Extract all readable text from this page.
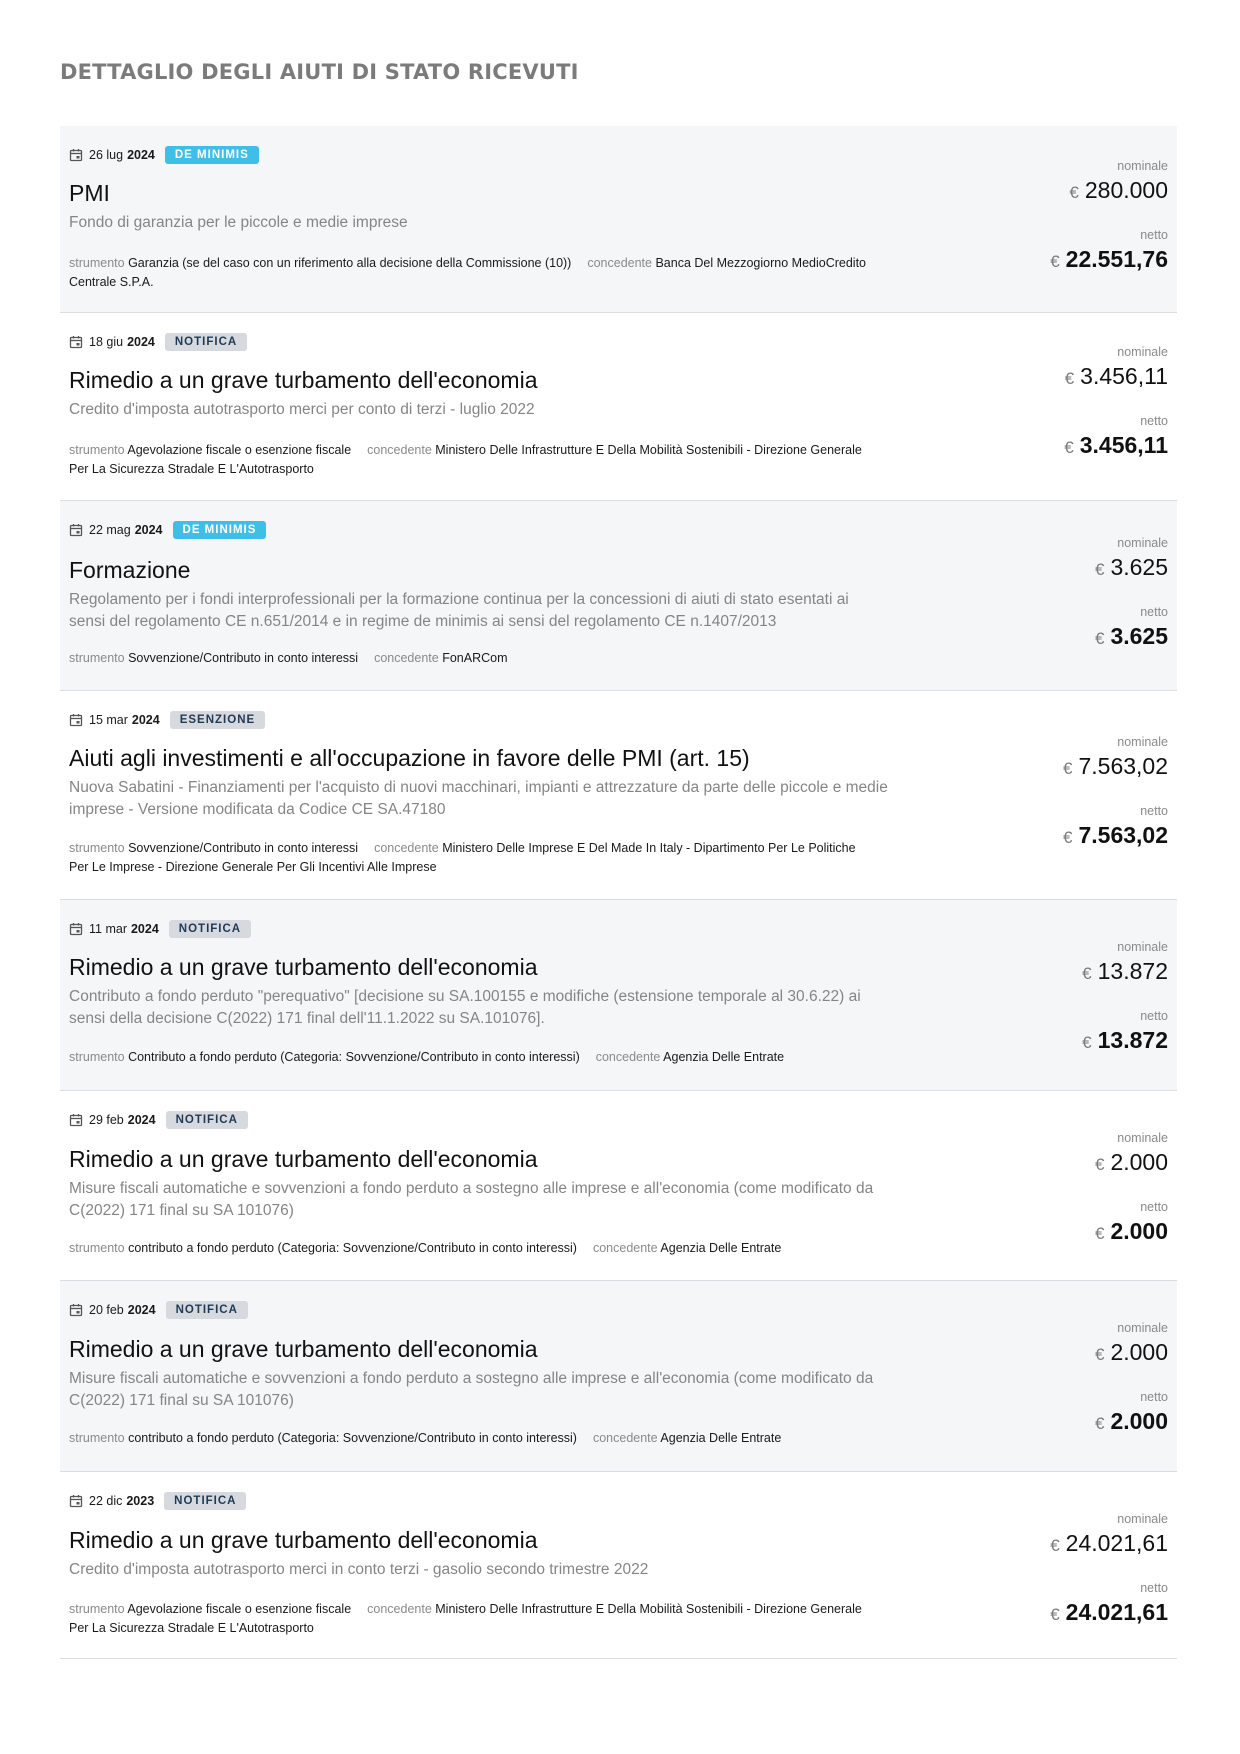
DETTAGLIO DEGLI AIUTI DI STATO RICEVUTI
26 lug 2024	DE MINIMIS
PMI
Fondo di garanzia per le piccole e medie imprese
strumento Garanzia (se del caso con un riferimento alla decisione della Commissione (10)) concedente Banca Del Mezzogiorno MedioCredito Centrale S.P.A.
nominale
€ 280.000
netto
€ 22.551,76
18 giu 2024	NOTIFICA
Rimedio a un grave turbamento dell'economia
Credito d'imposta autotrasporto merci per conto di terzi - luglio 2022
strumento Agevolazione fiscale o esenzione fiscale concedente Ministero Delle Infrastrutture E Della Mobilità Sostenibili - Direzione Generale Per La Sicurezza Stradale E L'Autotrasporto
nominale
€ 3.456,11
netto
€ 3.456,11
22 mag 2024	DE MINIMIS
Formazione
Regolamento per i fondi interprofessionali per la formazione continua per la concessioni di aiuti di stato esentati ai sensi del regolamento CE n.651/2014 e in regime de minimis ai sensi del regolamento CE n.1407/2013
strumento Sovvenzione/Contributo in conto interessi concedente FonARCom
nominale
€ 3.625
netto
€ 3.625
15 mar 2024	ESENZIONE
Aiuti agli investimenti e all'occupazione in favore delle PMI (art. 15)
Nuova Sabatini - Finanziamenti per l'acquisto di nuovi macchinari, impianti e attrezzature da parte delle piccole e medie imprese - Versione modificata da Codice CE SA.47180
strumento Sovvenzione/Contributo in conto interessi concedente Ministero Delle Imprese E Del Made In Italy - Dipartimento Per Le Politiche Per Le Imprese - Direzione Generale Per Gli Incentivi Alle Imprese
nominale
€ 7.563,02
netto
€ 7.563,02
11 mar 2024	NOTIFICA
Rimedio a un grave turbamento dell'economia
Contributo a fondo perduto "perequativo" [decisione su SA.100155 e modifiche (estensione temporale al 30.6.22) ai sensi della decisione C(2022) 171 final dell'11.1.2022 su SA.101076].
strumento Contributo a fondo perduto (Categoria: Sovvenzione/Contributo in conto interessi) concedente Agenzia Delle Entrate
nominale
€ 13.872
netto
€ 13.872
29 feb 2024	NOTIFICA
Rimedio a un grave turbamento dell'economia
Misure fiscali automatiche e sovvenzioni a fondo perduto a sostegno alle imprese e all'economia (come modificato da C(2022) 171 final su SA 101076)
strumento contributo a fondo perduto (Categoria: Sovvenzione/Contributo in conto interessi) concedente Agenzia Delle Entrate
nominale
€ 2.000
netto
€ 2.000
20 feb 2024	NOTIFICA
Rimedio a un grave turbamento dell'economia
Misure fiscali automatiche e sovvenzioni a fondo perduto a sostegno alle imprese e all'economia (come modificato da C(2022) 171 final su SA 101076)
strumento contributo a fondo perduto (Categoria: Sovvenzione/Contributo in conto interessi) concedente Agenzia Delle Entrate
nominale
€ 2.000
netto
€ 2.000
22 dic 2023	NOTIFICA
Rimedio a un grave turbamento dell'economia
Credito d'imposta autotrasporto merci in conto terzi - gasolio secondo trimestre 2022
strumento Agevolazione fiscale o esenzione fiscale concedente Ministero Delle Infrastrutture E Della Mobilità Sostenibili - Direzione Generale Per La Sicurezza Stradale E L'Autotrasporto
nominale
€ 24.021,61
netto
€ 24.021,61
